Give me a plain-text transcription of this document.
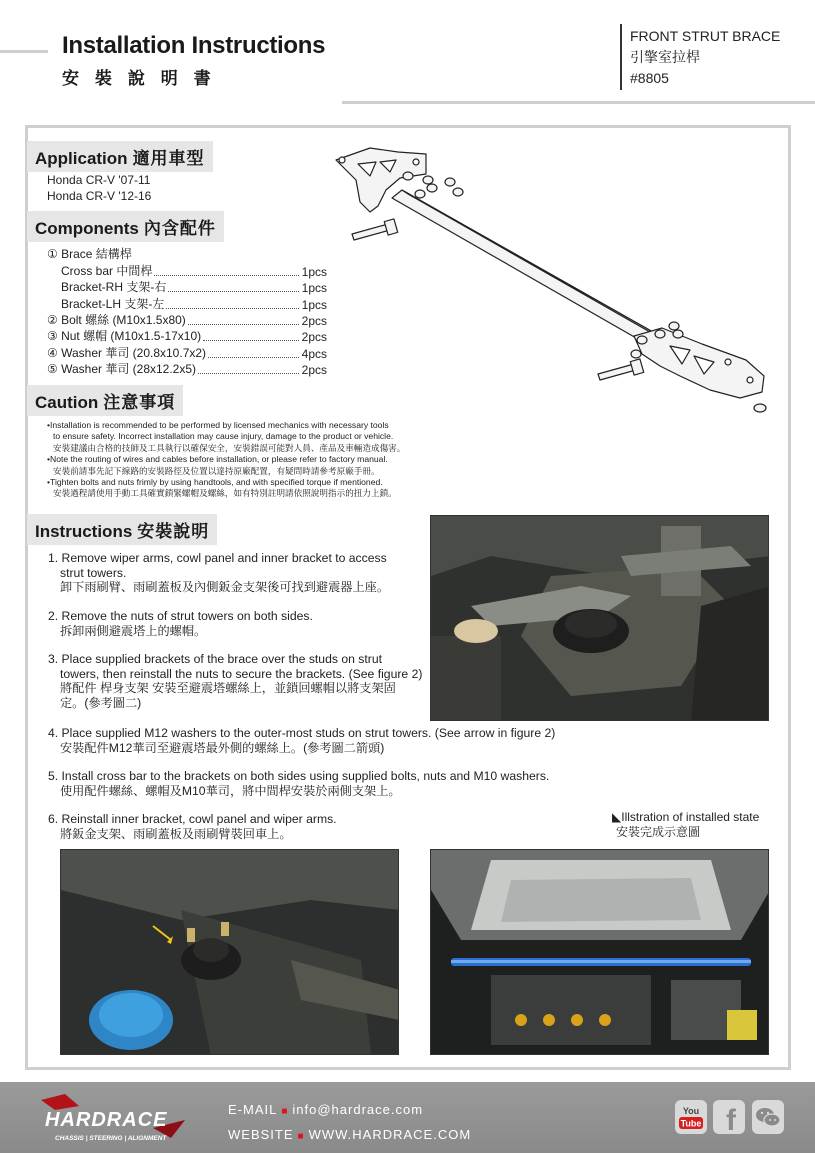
Installation Instructions
安 裝 說 明 書
FRONT STRUT BRACE
引擎室拉桿
#8805
Application 適用車型
Honda CR-V '07-11
Honda CR-V '12-16
Components 內含配件
① Brace 結構桿
Cross bar 中間桿	1pcs
Bracket-RH 支架-右	1pcs
Bracket-LH 支架-左	1pcs
② Bolt 螺絲 (M10x1.5x80)	2pcs
③ Nut 螺帽 (M10x1.5-17x10)	2pcs
④ Washer 華司 (20.8x10.7x2)	4pcs
⑤ Washer 華司 (28x12.2x5)	2pcs
Caution 注意事項

•Installation is recommended to be performed by licensed mechanics with necessary tools

to ensure safety. Incorrect installation may cause injury, damage to the product or vehicle.

安裝建議由合格的技師及工具執行以確保安全，安裝錯誤可能對人員、產品及車輛造成傷害。

•Note the routing of wires and cables before installation, or please refer to factory manual.

安裝前請事先記下線路的安裝路徑及位置以達持原廠配置，有疑問時請參考原廠手冊。

•Tighten bolts and nuts frimly by using handtools, and with specified torque if mentioned.

安裝過程請使用手動工具確實鎖緊螺帽及螺絲，如有特別註明請依照說明指示的扭力上鎖。

Instructions 安裝說明
1. Remove wiper arms, cowl panel and inner bracket to access
strut towers.
卸下雨刷臂、雨刷蓋板及內側鈑金支架後可找到避震器上座。
2. Remove the nuts of strut towers on both sides.
拆卸兩側避震塔上的螺帽。
3. Place supplied brackets of the brace over the studs on strut
towers, then reinstall the nuts to secure the brackets. (See figure 2)
將配件 桿身支架 安裝至避震塔螺絲上，並鎖回螺帽以將支架固
定。(參考圖二)
4. Place supplied M12 washers to the outer-most studs on strut towers. (See arrow in figure 2)
安裝配件M12華司至避震塔最外側的螺絲上。(參考圖二箭頭)
5. Install cross bar to the brackets on both sides using supplied bolts, nuts and M10 washers.
使用配件螺絲、螺帽及M10華司，將中間桿安裝於兩側支架上。
6. Reinstall inner bracket, cowl panel and wiper arms.
將鈑金支架、雨刷蓋板及雨刷臂裝回車上。
◣Illstration of installed state
安裝完成示意圖
HARDRACE
CHASSIS | STEERING | ALIGNMENT
E-MAIL ■ info@hardrace.com
WEBSITE ■ WWW.HARDRACE.COM
You
Tube f
